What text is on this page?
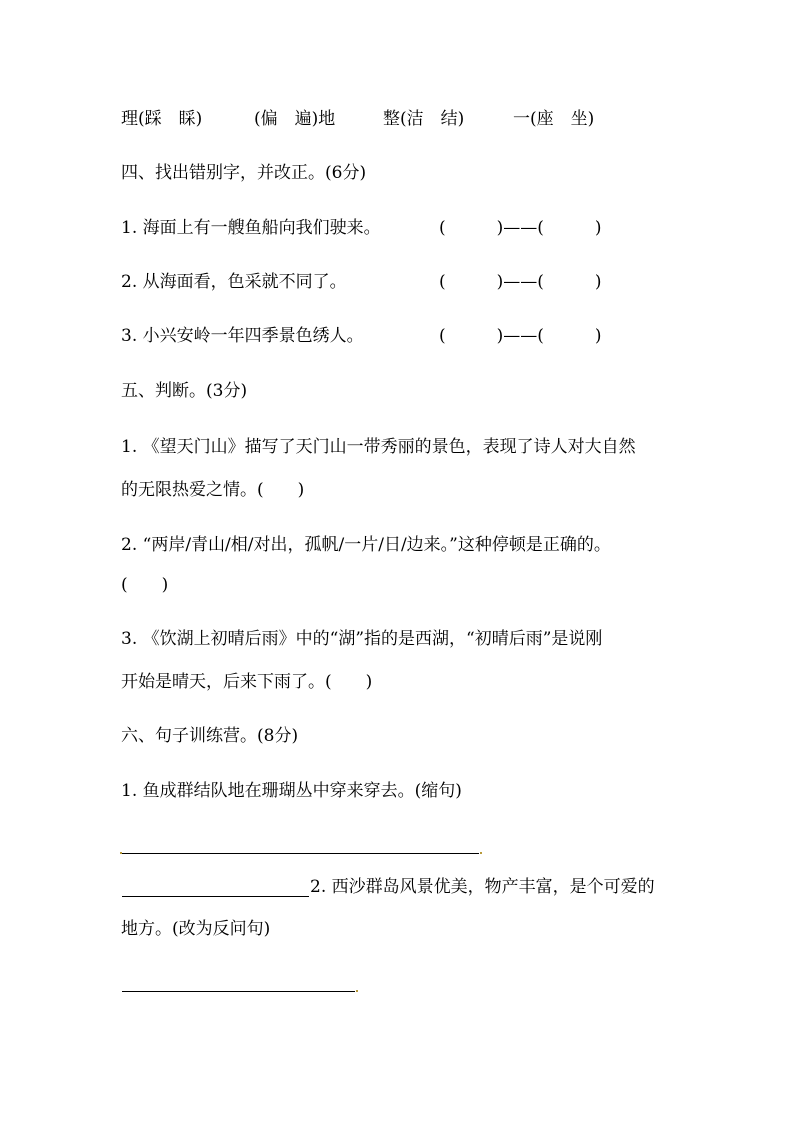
理(踩　睬)	(偏　遍)地	整(洁　结)	一(座　坐)
四、找出错别字，并改正。(6分)
1. 海面上有一艘鱼船向我们驶来。	(　　　)——(　　　)
2. 从海面看，色采就不同了。	(　　　)——(　　　)
3. 小兴安岭一年四季景色绣人。	(　　　)——(　　　)
五、判断。(3分)
1. 《望天门山》描写了天门山一带秀丽的景色，表现了诗人对大自然
的无限热爱之情。(　　)
2. “两岸/青山/相/对出，孤帆/一片/日/边来。”这种停顿是正确的。
(　　)
3. 《饮湖上初晴后雨》中的“湖”指的是西湖，“初晴后雨”是说刚
开始是晴天，后来下雨了。(　　)
六、句子训练营。(8分)
1. 鱼成群结队地在珊瑚丛中穿来穿去。(缩句)
2. 西沙群岛风景优美，物产丰富，是个可爱的
地方。(改为反问句)
